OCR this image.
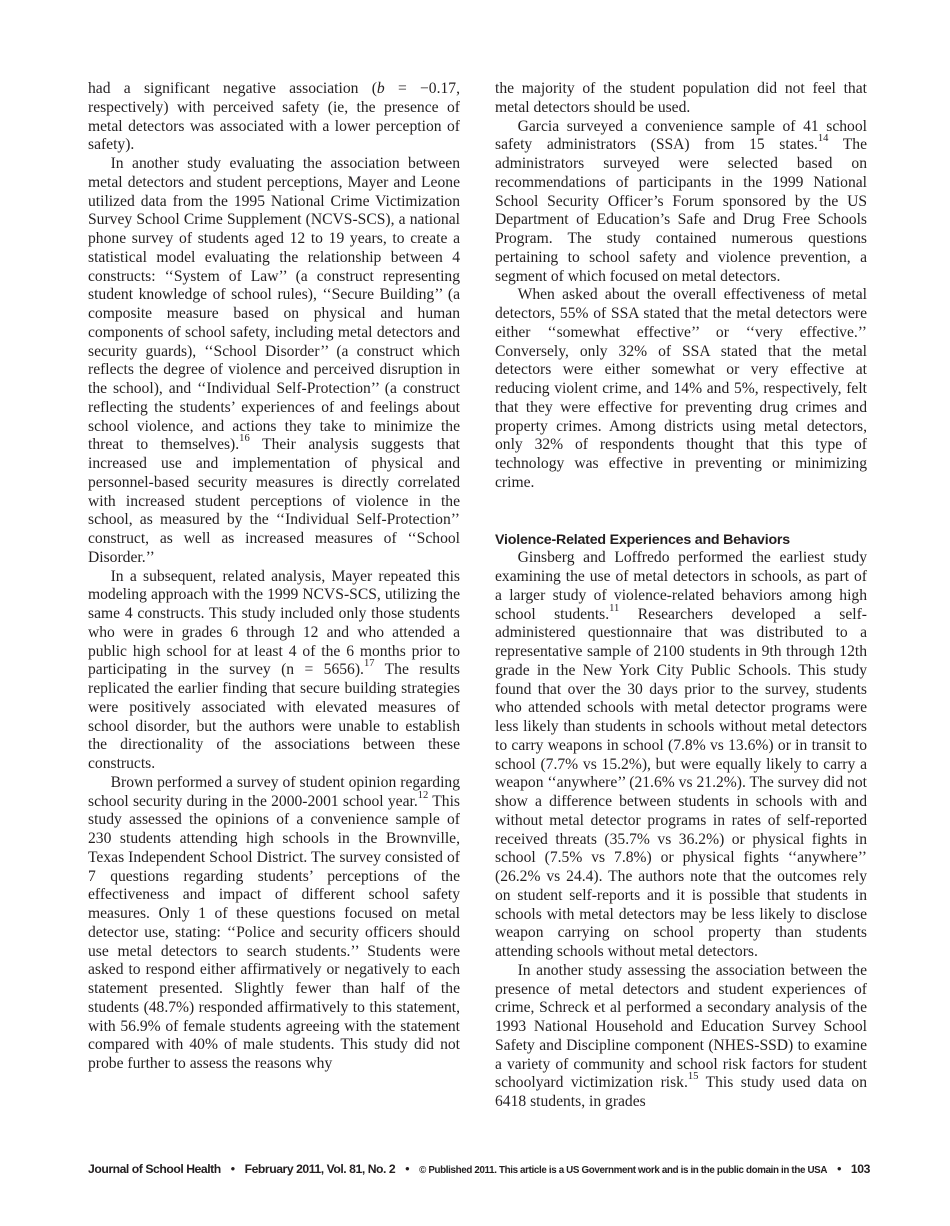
had a significant negative association (b = −0.17, respectively) with perceived safety (ie, the presence of metal detectors was associated with a lower perception of safety).

In another study evaluating the association between metal detectors and student perceptions, Mayer and Leone utilized data from the 1995 National Crime Victimization Survey School Crime Supplement (NCVS-SCS), a national phone survey of students aged 12 to 19 years, to create a statistical model evaluating the relationship between 4 constructs: ‘‘System of Law’’ (a construct representing student knowledge of school rules), ‘‘Secure Building’’ (a composite measure based on physical and human components of school safety, including metal detectors and security guards), ‘‘School Disorder’’ (a construct which reflects the degree of violence and perceived disruption in the school), and ‘‘Individual Self-Protection’’ (a construct reflecting the students’ experiences of and feelings about school violence, and actions they take to minimize the threat to themselves).$^{16}$ Their analysis suggests that increased use and implementation of physical and personnel-based security measures is directly correlated with increased student perceptions of violence in the school, as measured by the ‘‘Individual Self-Protection’’ construct, as well as increased measures of ‘‘School Disorder.’’

In a subsequent, related analysis, Mayer repeated this modeling approach with the 1999 NCVS-SCS, utilizing the same 4 constructs. This study included only those students who were in grades 6 through 12 and who attended a public high school for at least 4 of the 6 months prior to participating in the survey (n = 5656).$^{17}$ The results replicated the earlier finding that secure building strategies were positively associated with elevated measures of school disorder, but the authors were unable to establish the directionality of the associations between these constructs.

Brown performed a survey of student opinion regarding school security during in the 2000-2001 school year.$^{12}$ This study assessed the opinions of a convenience sample of 230 students attending high schools in the Brownville, Texas Independent School District. The survey consisted of 7 questions regarding students’ perceptions of the effectiveness and impact of different school safety measures. Only 1 of these questions focused on metal detector use, stating: ‘‘Police and security officers should use metal detectors to search students.’’ Students were asked to respond either affirmatively or negatively to each statement presented. Slightly fewer than half of the students (48.7%) responded affirmatively to this statement, with 56.9% of female students agreeing with the statement compared with 40% of male students. This study did not probe further to assess the reasons why

the majority of the student population did not feel that metal detectors should be used.

Garcia surveyed a convenience sample of 41 school safety administrators (SSA) from 15 states.$^{14}$ The administrators surveyed were selected based on recommendations of participants in the 1999 National School Security Officer’s Forum sponsored by the US Department of Education’s Safe and Drug Free Schools Program. The study contained numerous questions pertaining to school safety and violence prevention, a segment of which focused on metal detectors.

When asked about the overall effectiveness of metal detectors, 55% of SSA stated that the metal detectors were either ‘‘somewhat effective’’ or ‘‘very effective.’’ Conversely, only 32% of SSA stated that the metal detectors were either somewhat or very effective at reducing violent crime, and 14% and 5%, respectively, felt that they were effective for preventing drug crimes and property crimes. Among districts using metal detectors, only 32% of respondents thought that this type of technology was effective in preventing or minimizing crime.

Violence-Related Experiences and Behaviors

Ginsberg and Loffredo performed the earliest study examining the use of metal detectors in schools, as part of a larger study of violence-related behaviors among high school students.$^{11}$ Researchers developed a self-administered questionnaire that was distributed to a representative sample of 2100 students in 9th through 12th grade in the New York City Public Schools. This study found that over the 30 days prior to the survey, students who attended schools with metal detector programs were less likely than students in schools without metal detectors to carry weapons in school (7.8% vs 13.6%) or in transit to school (7.7% vs 15.2%), but were equally likely to carry a weapon ‘‘anywhere’’ (21.6% vs 21.2%). The survey did not show a difference between students in schools with and without metal detector programs in rates of self-reported received threats (35.7% vs 36.2%) or physical fights in school (7.5% vs 7.8%) or physical fights ‘‘anywhere’’ (26.2% vs 24.4). The authors note that the outcomes rely on student self-reports and it is possible that students in schools with metal detectors may be less likely to disclose weapon carrying on school property than students attending schools without metal detectors.

In another study assessing the association between the presence of metal detectors and student experiences of crime, Schreck et al performed a secondary analysis of the 1993 National Household and Education Survey School Safety and Discipline component (NHES-SSD) to examine a variety of community and school risk factors for student schoolyard victimization risk.$^{15}$ This study used data on 6418 students, in grades

Journal of School Health • February 2011, Vol. 81, No. 2 • © Published 2011. This article is a US Government work and is in the public domain in the USA • 103
